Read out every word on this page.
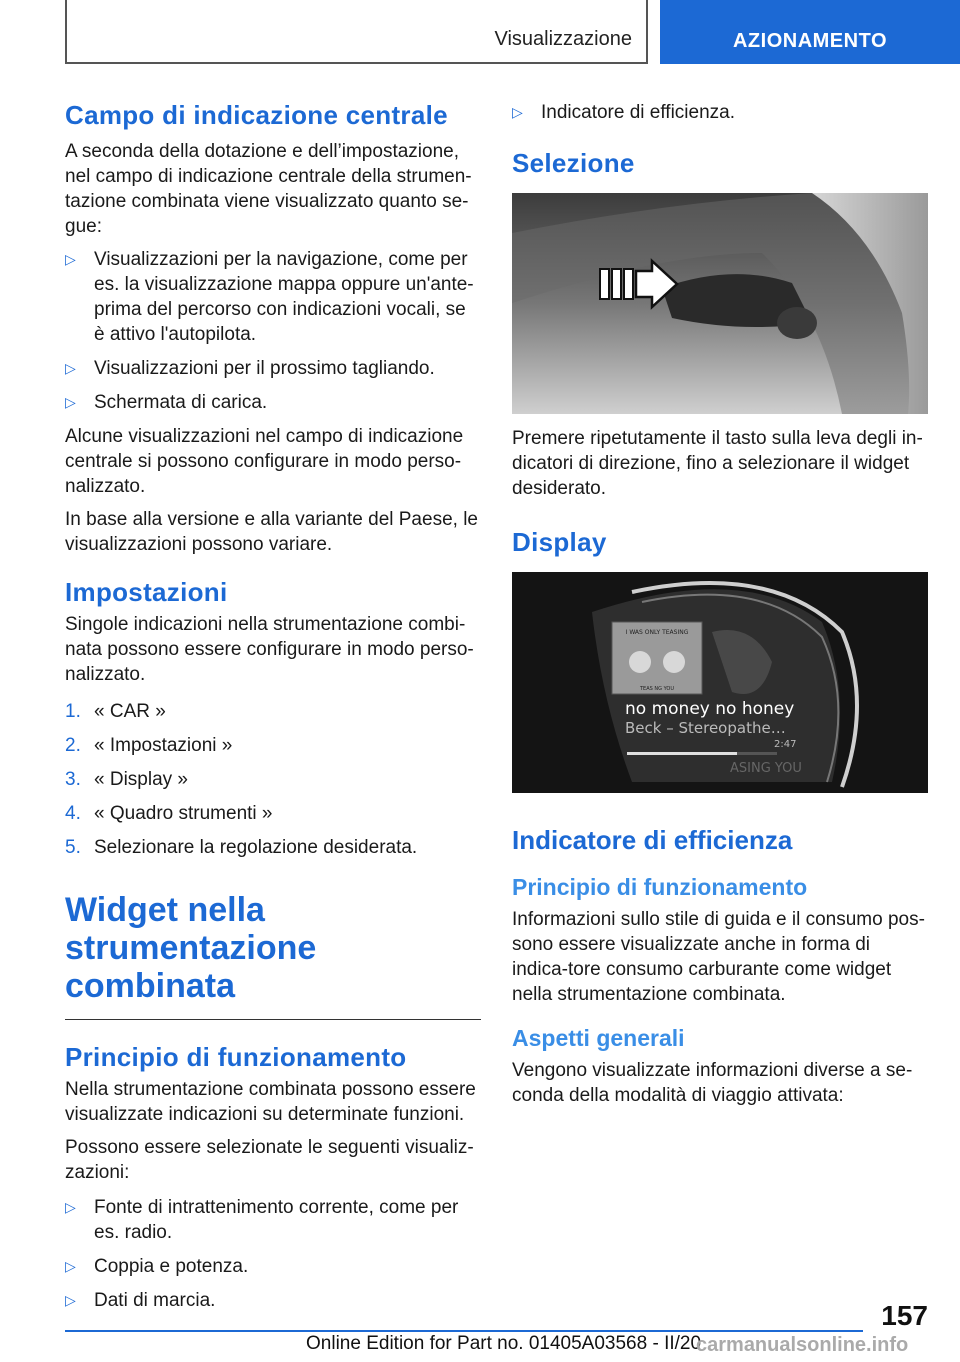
Visualizzazione	AZIONAMENTO
Campo di indicazione centrale

A seconda della dotazione e dell’impostazione, nel campo di indicazione centrale della strumen-tazione combinata viene visualizzato quanto se-gue:

▷ Visualizzazioni per la navigazione, come per es. la visualizzazione mappa oppure un'ante-prima del percorso con indicazioni vocali, se è attivo l'autopilota.
▷ Visualizzazioni per il prossimo tagliando.
▷ Schermata di carica.

Alcune visualizzazioni nel campo di indicazione centrale si possono configurare in modo perso-nalizzato.

In base alla versione e alla variante del Paese, le visualizzazioni possono variare.

Impostazioni

Singole indicazioni nella strumentazione combi-nata possono essere configurare in modo perso-nalizzato.

1. « CAR »
2. « Impostazioni »
3. « Display »
4. « Quadro strumenti »
5. Selezionare la regolazione desiderata.
Widget nella
strumentazione combinata
Principio di funzionamento

Nella strumentazione combinata possono essere visualizzate indicazioni su determinate funzioni.

Possono essere selezionate le seguenti visualiz-zazioni:

▷ Fonte di intrattenimento corrente, come per es. radio.
▷ Coppia e potenza.
▷ Dati di marcia.
▷ Indicatore di efficienza.
Selezione

Premere ripetutamente il tasto sulla leva degli in-dicatori di direzione, fino a selezionare il widget desiderato.

Display
I WAS ONLY TEASING
TEAS NG YOU
no money no honey
Beck – Stereopathe…
2:47
ASING YOU
Indicatore di efficienza
Principio di funzionamento

Informazioni sullo stile di guida e il consumo pos-sono essere visualizzate anche in forma di indica-tore consumo carburante come widget nella strumentazione combinata.

Aspetti generali

Vengono visualizzate informazioni diverse a se-conda della modalità di viaggio attivata:

157
Online Edition for Part no. 01405A03568 - II/20
carmanualsonline.info
